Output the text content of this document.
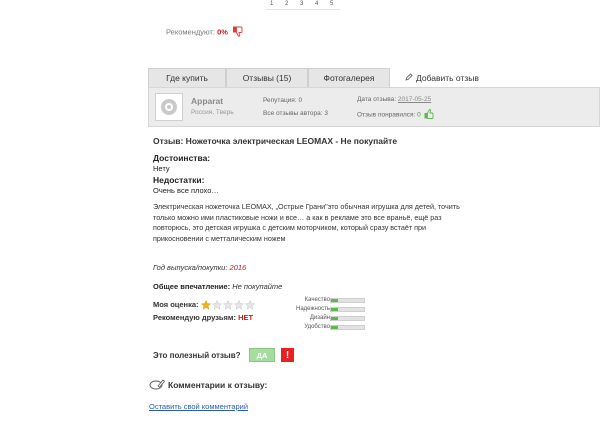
1 2 3 4 5
Рекомендуют: 0%
Где купить	Отзывы (15)	Фотогалерея	Добавить отзыв
Apparat
Россия, Тверь
Репутация: 0
Все отзывы автора: 3
Дата отзыва: 2017-05-25
Отзыв понравился: 0
Отзыв: Ножеточка электрическая LEOMAX - Не покупайте
Достоинства:
Нету
Недостатки:
Очень все плохо…
Электрическая ножеточка LEOMAX, „Острые Грани"это обычная игрушка для детей, точить только можно ими пластиковые ножи и все… а как в рекламе это все враньё, ещё раз повторюсь, это детская игрушка с детским моторчиком, который сразу встаёт при прикосновении с метталическим ножем
Год выпуска/покупки: 2016
Общее впечатление: Не покупайте
Моя оценка:
Рекомендую друзьям: НЕТ
Качество
Надежность
Дизайн
Удобство
Это полезный отзыв?	ДА	!
Комментарии к отзыву:
Оставить свой комментарий
